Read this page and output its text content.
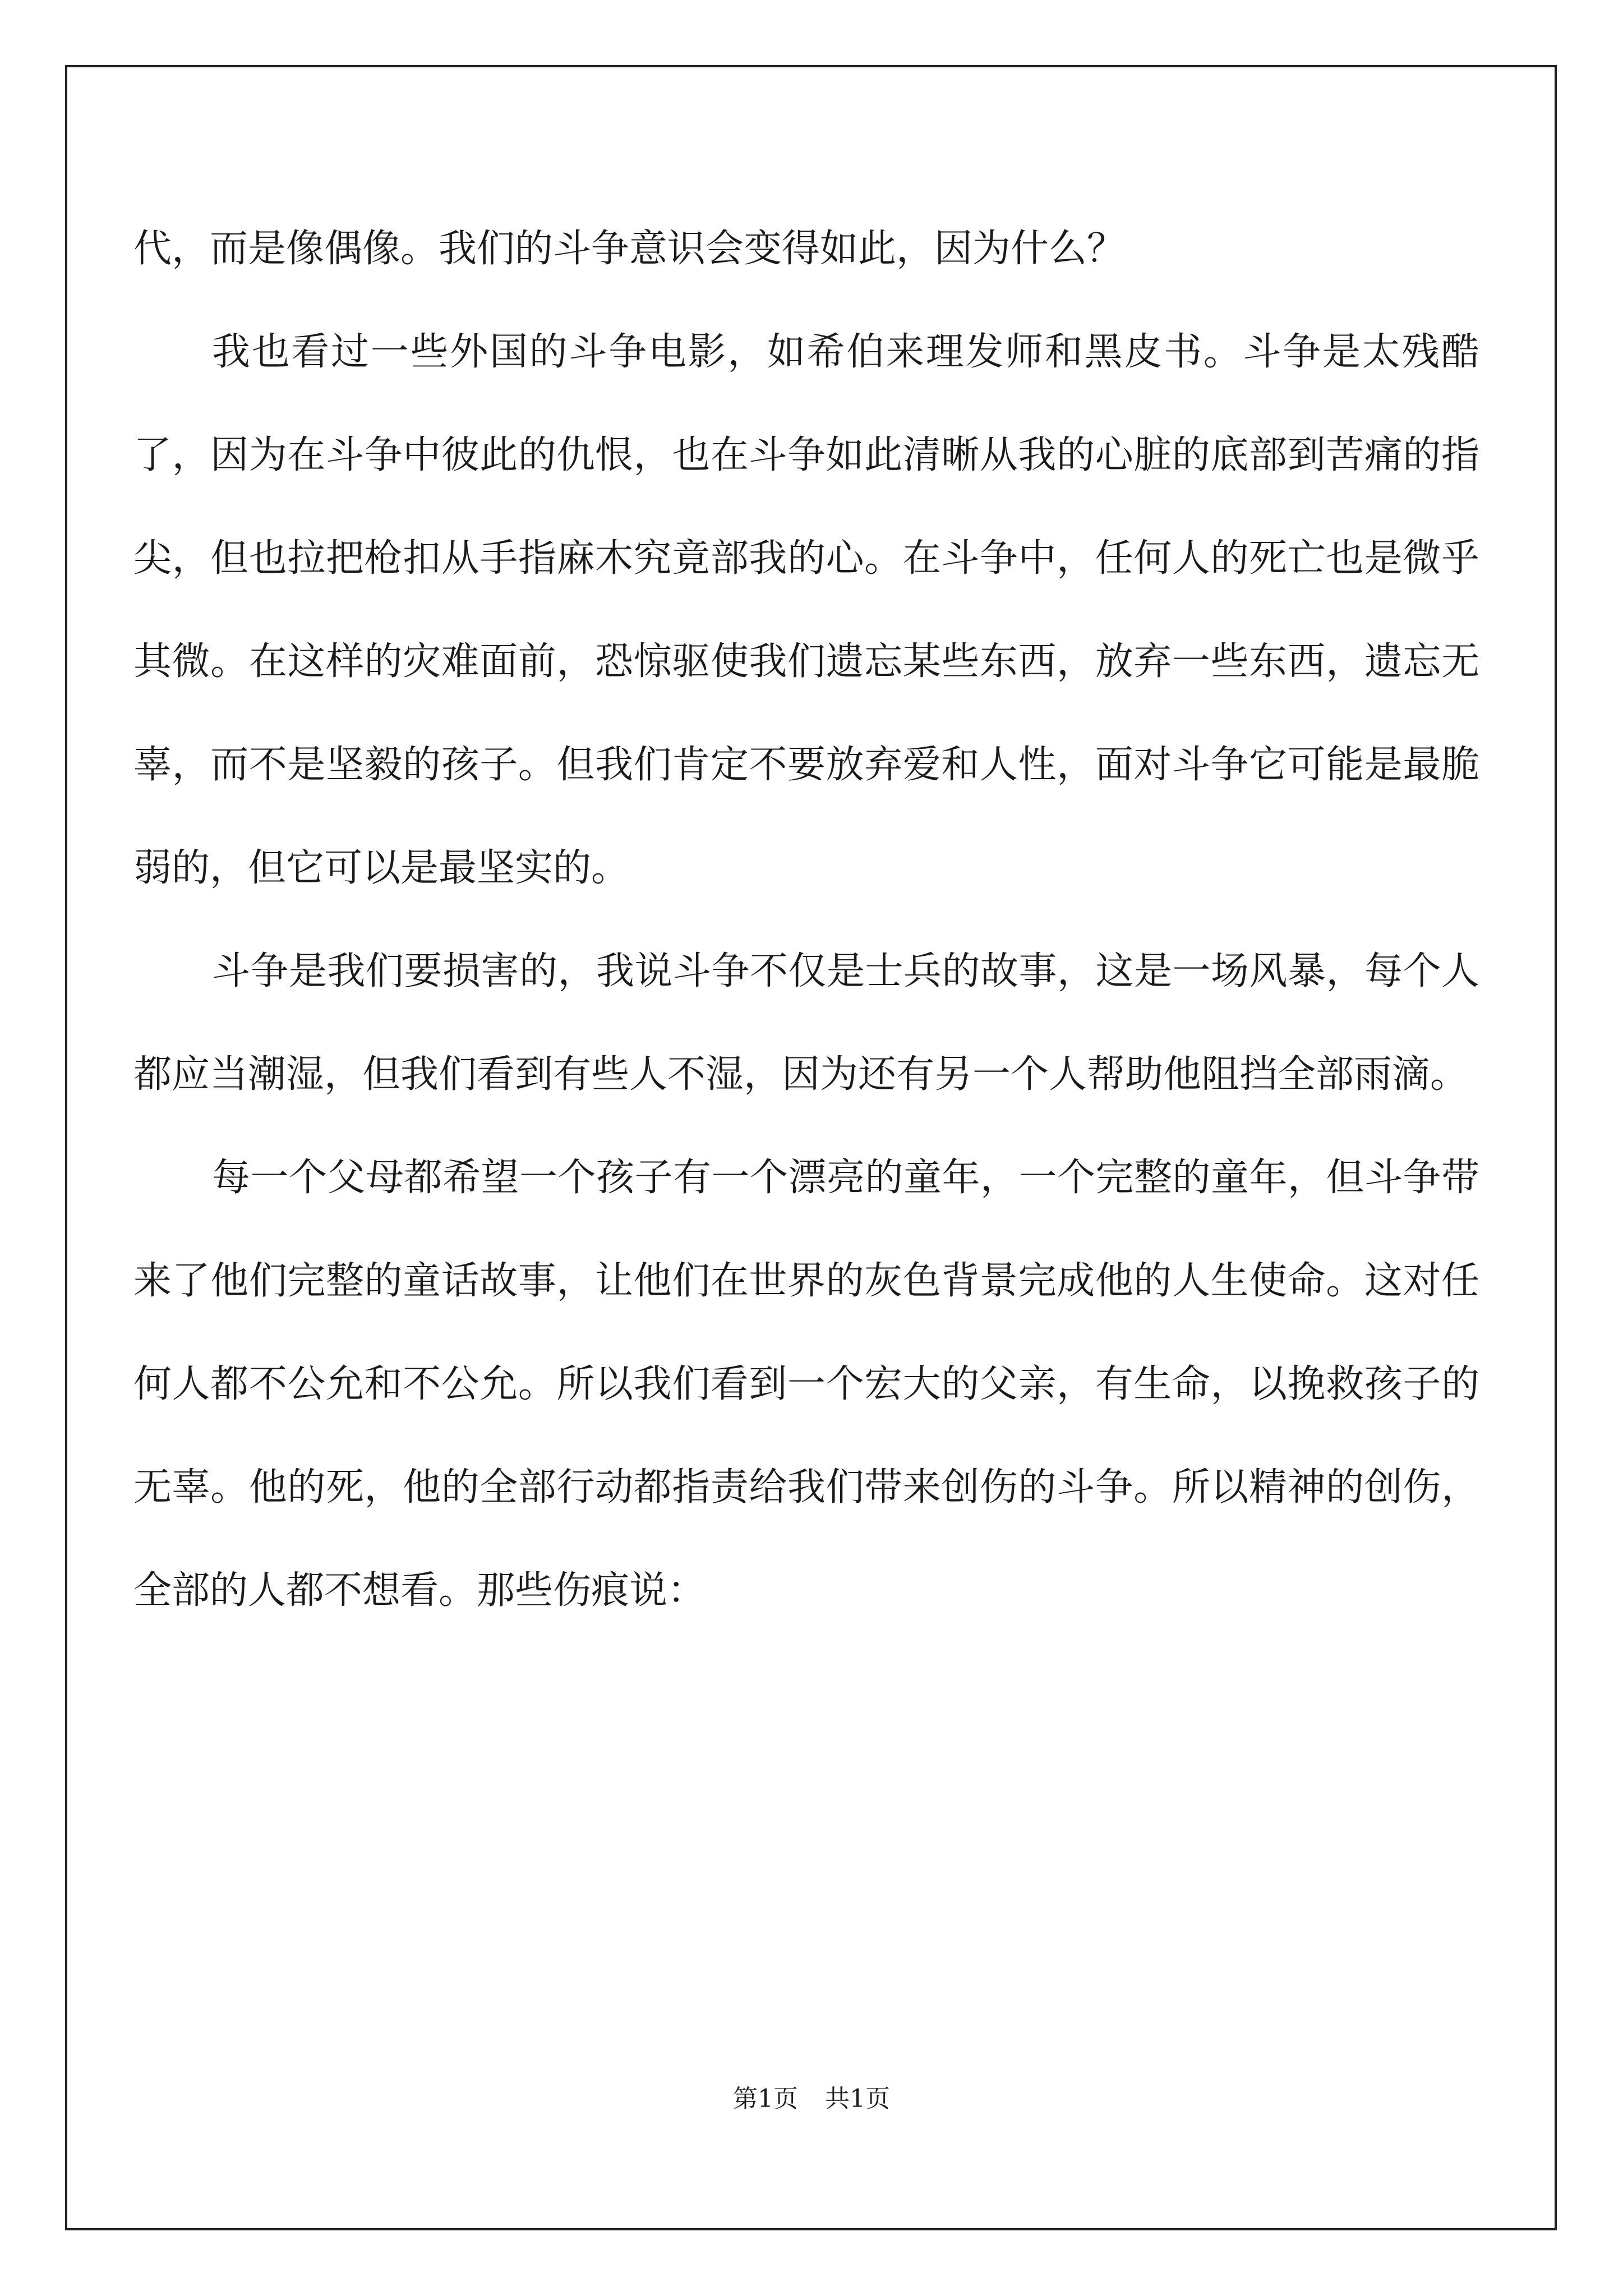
代，而是像偶像。我们的斗争意识会变得如此，因为什么？

我也看过一些外国的斗争电影，如希伯来理发师和黑皮书。斗争是太残酷了，因为在斗争中彼此的仇恨，也在斗争如此清晰从我的心脏的底部到苦痛的指尖，但也拉把枪扣从手指麻木究竟部我的心。在斗争中，任何人的死亡也是微乎其微。在这样的灾难面前，恐惊驱使我们遗忘某些东西，放弃一些东西，遗忘无辜，而不是坚毅的孩子。但我们肯定不要放弃爱和人性，面对斗争它可能是最脆弱的，但它可以是最坚实的。

斗争是我们要损害的，我说斗争不仅是士兵的故事，这是一场风暴，每个人都应当潮湿，但我们看到有些人不湿，因为还有另一个人帮助他阻挡全部雨滴。

每一个父母都希望一个孩子有一个漂亮的童年，一个完整的童年，但斗争带来了他们完整的童话故事，让他们在世界的灰色背景完成他的人生使命。这对任何人都不公允和不公允。所以我们看到一个宏大的父亲，有生命，以挽救孩子的无辜。他的死，他的全部行动都指责给我们带来创伤的斗争。所以精神的创伤，全部的人都不想看。那些伤痕说：

第1页 共1页
